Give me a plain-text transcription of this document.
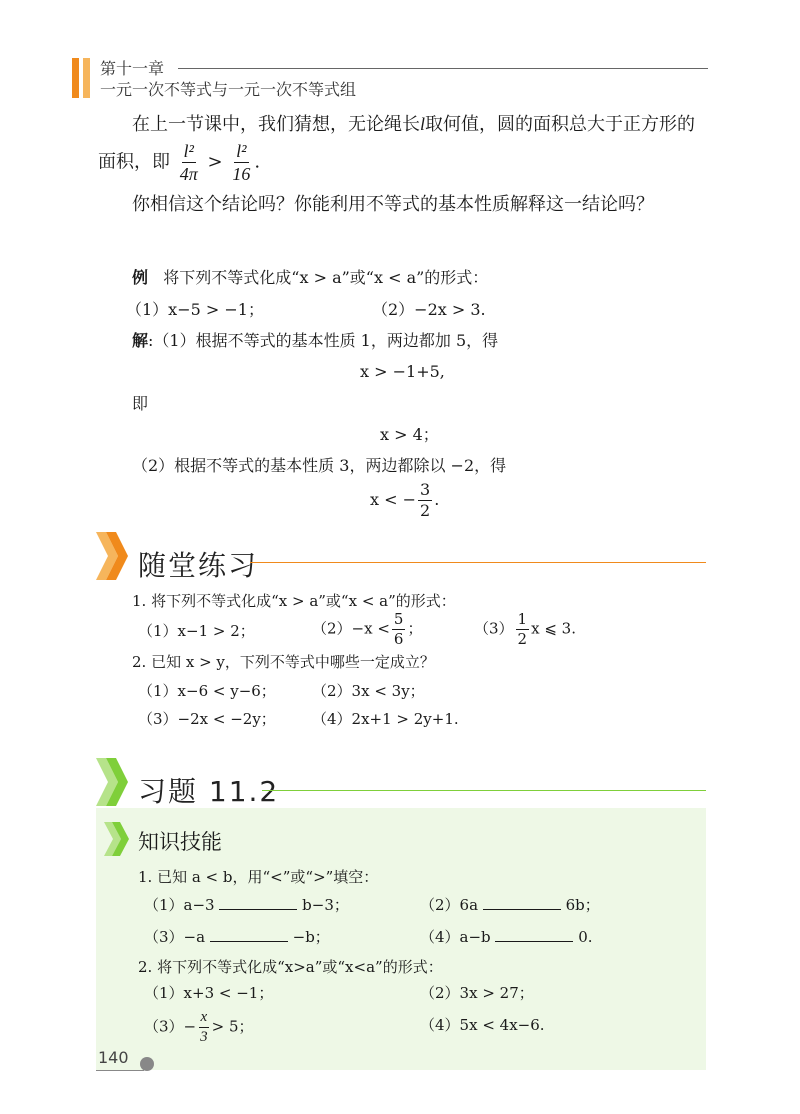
第十一章
一元一次不等式与一元一次不等式组
在上一节课中，我们猜想，无论绳长l取何值，圆的面积总大于正方形的
面积，即 $\frac{\text{l²}}{4\pi} > \frac{\text{l²}}{16}$ .
你相信这个结论吗？你能利用不等式的基本性质解释这一结论吗？
例 将下列不等式化成“x > a”或“x < a”的形式：
（1）x−5 > −1；	（2）−2x > 3.
解:（1）根据不等式的基本性质 1，两边都加 5，得
x > −1+5,
即
x > 4；
（2）根据不等式的基本性质 3，两边都除以 −2，得
x < − $\frac{3}{2}$ .
随堂练习
1. 将下列不等式化成“x > a”或“x < a”的形式：
（1）x−1 > 2；	$(2)-x < \frac{5}{6}$ ；	$(3) \frac{1}{2}$ x ⩽ 3.
2. 已知 x > y，下列不等式中哪些一定成立？
（1）x−6 < y−6； （2）3x < 3y；
（3）−2x < −2y； （4）2x+1 > 2y+1.
习题 11.2
知识技能
1. 已知 a < b，用“<”或“>”填空：
（1）a−3	b−3；	（2）6a	6b；
（3）−a	−b；	（4）a−b	0.
2. 将下列不等式化成“x>a”或“x<a”的形式：
（1）x+3 < −1；	（2）3x > 27；
$(3)- \frac{x}{3} > 5$；	（4）5x < 4x−6.
140
